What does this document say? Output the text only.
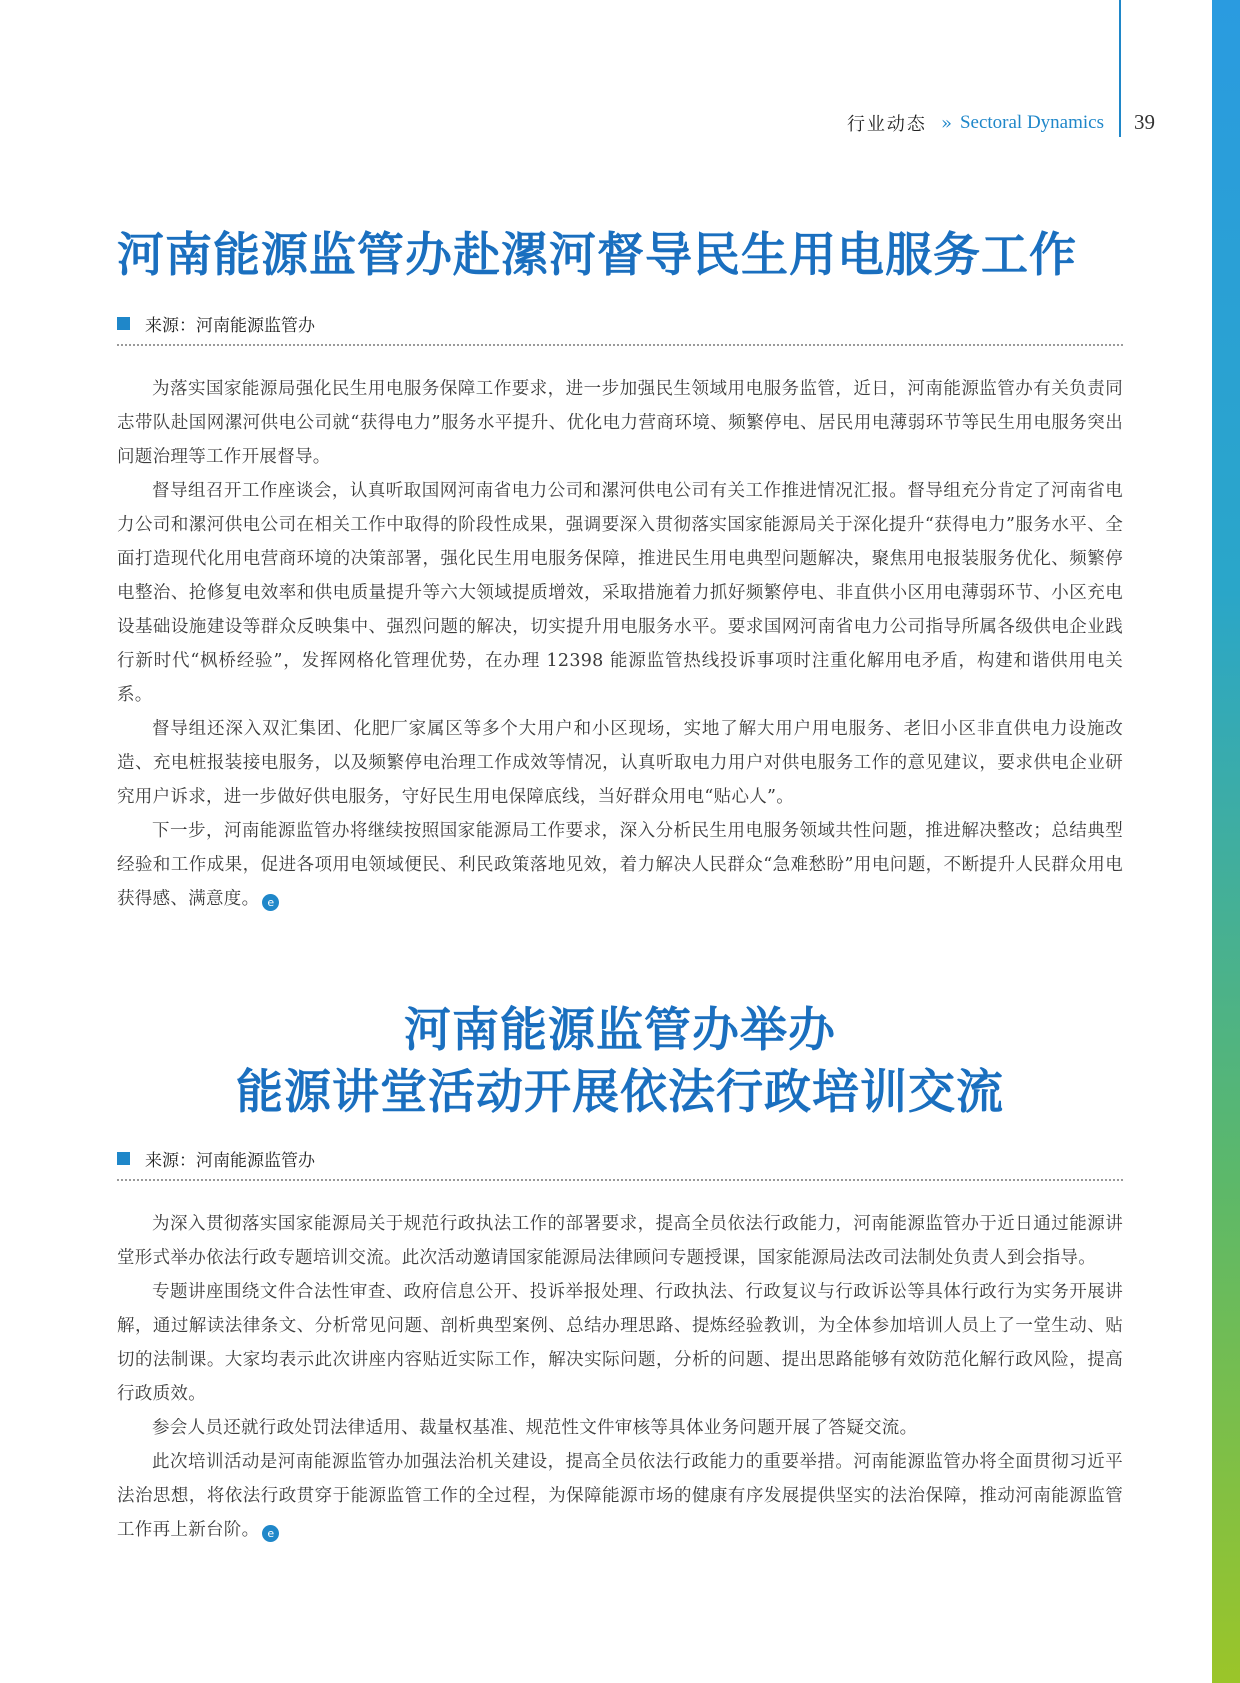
行业动态 » Sectoral Dynamics 39
河南能源监管办赴漯河督导民生用电服务工作
来源：河南能源监管办

为落实国家能源局强化民生用电服务保障工作要求，进一步加强民生领域用电服务监管，近日，河南能源监管办有关负责同志带队赴国网漯河供电公司就“获得电力”服务水平提升、优化电力营商环境、频繁停电、居民用电薄弱环节等民生用电服务突出问题治理等工作开展督导。

督导组召开工作座谈会，认真听取国网河南省电力公司和漯河供电公司有关工作推进情况汇报。督导组充分肯定了河南省电力公司和漯河供电公司在相关工作中取得的阶段性成果，强调要深入贯彻落实国家能源局关于深化提升“获得电力”服务水平、全面打造现代化用电营商环境的决策部署，强化民生用电服务保障，推进民生用电典型问题解决，聚焦用电报装服务优化、频繁停电整治、抢修复电效率和供电质量提升等六大领域提质增效，采取措施着力抓好频繁停电、非直供小区用电薄弱环节、小区充电设基础设施建设等群众反映集中、强烈问题的解决，切实提升用电服务水平。要求国网河南省电力公司指导所属各级供电企业践行新时代“枫桥经验”，发挥网格化管理优势，在办理 12398 能源监管热线投诉事项时注重化解用电矛盾，构建和谐供用电关系。

督导组还深入双汇集团、化肥厂家属区等多个大用户和小区现场，实地了解大用户用电服务、老旧小区非直供电力设施改造、充电桩报装接电服务，以及频繁停电治理工作成效等情况，认真听取电力用户对供电服务工作的意见建议，要求供电企业研究用户诉求，进一步做好供电服务，守好民生用电保障底线，当好群众用电“贴心人”。

下一步，河南能源监管办将继续按照国家能源局工作要求，深入分析民生用电服务领域共性问题，推进解决整改；总结典型经验和工作成果，促进各项用电领域便民、利民政策落地见效，着力解决人民群众“急难愁盼”用电问题，不断提升人民群众用电获得感、满意度。 e

河南能源监管办举办
能源讲堂活动开展依法行政培训交流
来源：河南能源监管办

为深入贯彻落实国家能源局关于规范行政执法工作的部署要求，提高全员依法行政能力，河南能源监管办于近日通过能源讲堂形式举办依法行政专题培训交流。此次活动邀请国家能源局法律顾问专题授课，国家能源局法改司法制处负责人到会指导。

专题讲座围绕文件合法性审查、政府信息公开、投诉举报处理、行政执法、行政复议与行政诉讼等具体行政行为实务开展讲解，通过解读法律条文、分析常见问题、剖析典型案例、总结办理思路、提炼经验教训，为全体参加培训人员上了一堂生动、贴切的法制课。大家均表示此次讲座内容贴近实际工作，解决实际问题，分析的问题、提出思路能够有效防范化解行政风险，提高行政质效。

参会人员还就行政处罚法律适用、裁量权基准、规范性文件审核等具体业务问题开展了答疑交流。

此次培训活动是河南能源监管办加强法治机关建设，提高全员依法行政能力的重要举措。河南能源监管办将全面贯彻习近平法治思想，将依法行政贯穿于能源监管工作的全过程，为保障能源市场的健康有序发展提供坚实的法治保障，推动河南能源监管工作再上新台阶。 e
